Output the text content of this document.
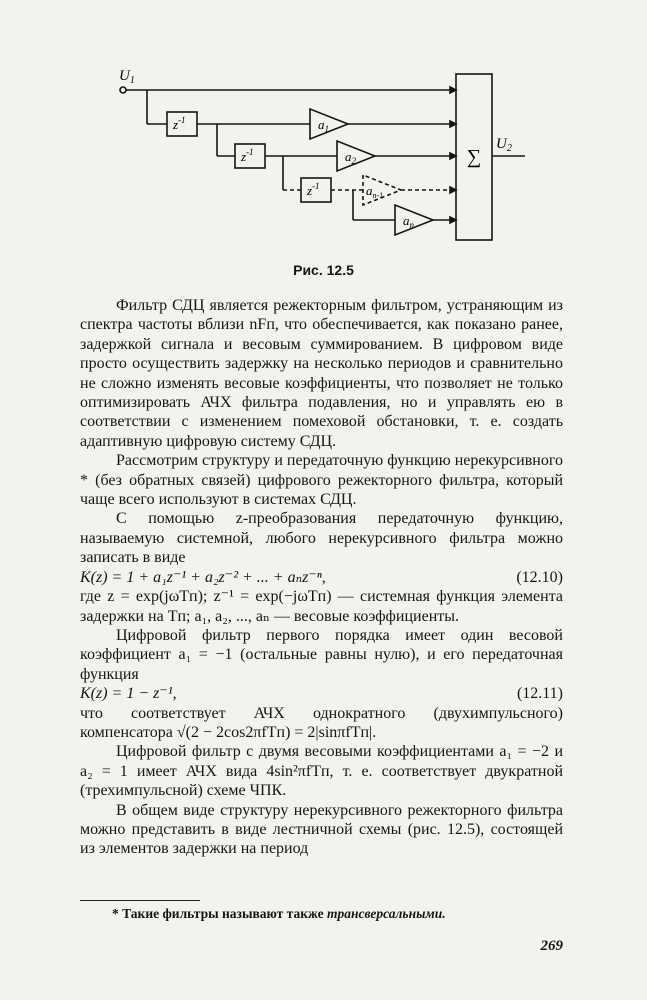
$U_1$
$U_2$
$z^{-1}$
$z^{-1}$
$z^{-1}$
$a_1$
$a_2$
$a_{n-1}$
$a_n$
∑
Рис. 12.5

Фильтр СДЦ является режекторным фильтром, устраняющим из спектра частоты вблизи nFп, что обеспечивается, как показано ранее, задержкой сигнала и весовым суммированием. В цифровом виде просто осуществить задержку на несколько периодов и сравнительно не сложно изменять весовые коэффициенты, что позволяет не только оптимизировать АЧХ фильтра подавления, но и управлять ею в соответствии с изменением помеховой обстановки, т. е. создать адаптивную цифровую систему СДЦ.

Рассмотрим структуру и передаточную функцию нерекурсивного * (без обратных связей) цифрового режекторного фильтра, который чаще всего используют в системах СДЦ.

С помощью z-преобразования передаточную функцию, называемую системной, любого нерекурсивного фильтра можно записать в виде

K(z) = 1 + a₁z⁻¹ + a₂z⁻² + ... + aₙz⁻ⁿ,	(12.10)

где z = exp(jωTп); z⁻¹ = exp(−jωTп) — системная функция элемента задержки на Tп; a₁, a₂, ..., aₙ — весовые коэффициенты.

Цифровой фильтр первого порядка имеет один весовой коэффициент a₁ = −1 (остальные равны нулю), и его передаточная функция

K(z) = 1 − z⁻¹,	(12.11)

что соответствует АЧХ однократного (двухимпульсного) компенсатора √(2 − 2cos2πfTп) = 2|sinπfTп|.

Цифровой фильтр с двумя весовыми коэффициентами a₁ = −2 и a₂ = 1 имеет АЧХ вида 4sin²πfTп, т. е. соответствует двукратной (трехимпульсной) схеме ЧПК.

В общем виде структуру нерекурсивного режекторного фильтра можно представить в виде лестничной схемы (рис. 12.5), состоящей из элементов задержки на период

* Такие фильтры называют также трансверсальными.
269
